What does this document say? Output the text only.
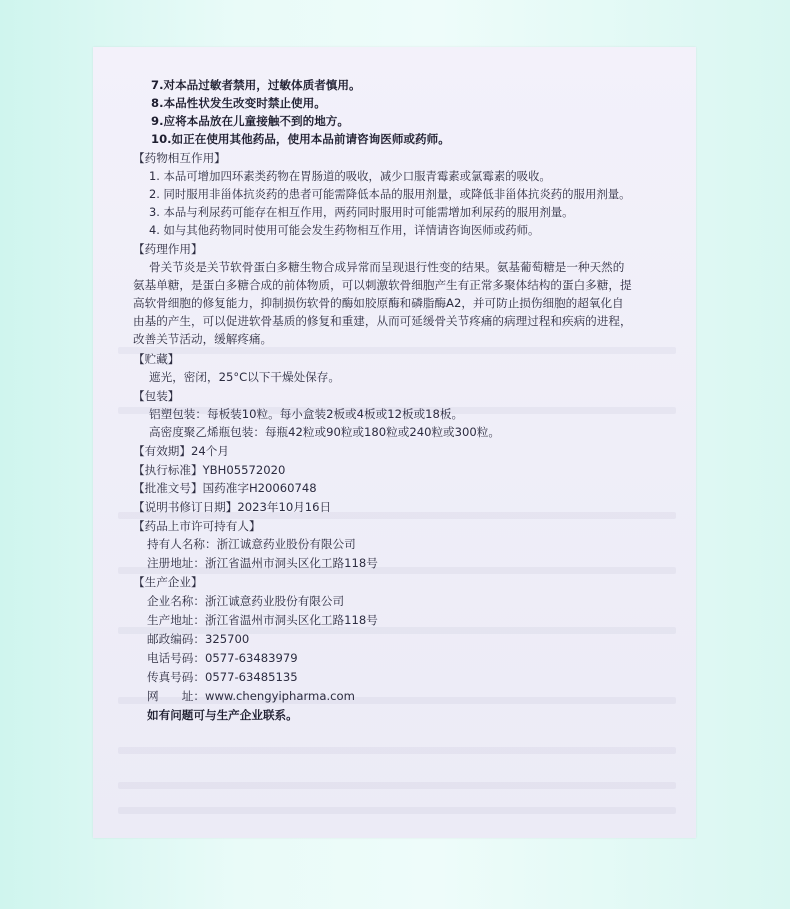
7.对本品过敏者禁用，过敏体质者慎用。
8.本品性状发生改变时禁止使用。
9.应将本品放在儿童接触不到的地方。
10.如正在使用其他药品，使用本品前请咨询医师或药师。
【药物相互作用】
1. 本品可增加四环素类药物在胃肠道的吸收，减少口服青霉素或氯霉素的吸收。
2. 同时服用非甾体抗炎药的患者可能需降低本品的服用剂量，或降低非甾体抗炎药的服用剂量。
3. 本品与利尿药可能存在相互作用，两药同时服用时可能需增加利尿药的服用剂量。
4. 如与其他药物同时使用可能会发生药物相互作用，详情请咨询医师或药师。
【药理作用】
骨关节炎是关节软骨蛋白多糖生物合成异常而呈现退行性变的结果。氨基葡萄糖是一种天然的
氨基单糖，是蛋白多糖合成的前体物质，可以刺激软骨细胞产生有正常多聚体结构的蛋白多糖，提
高软骨细胞的修复能力，抑制损伤软骨的酶如胶原酶和磷脂酶A2，并可防止损伤细胞的超氧化自
由基的产生，可以促进软骨基质的修复和重建，从而可延缓骨关节疼痛的病理过程和疾病的进程，
改善关节活动，缓解疼痛。
【贮藏】
遮光，密闭，25°C以下干燥处保存。
【包装】
铝塑包装：每板装10粒。每小盒装2板或4板或12板或18板。
高密度聚乙烯瓶包装：每瓶42粒或90粒或180粒或240粒或300粒。
【有效期】24个月
【执行标准】YBH05572020
【批准文号】国药准字H20060748
【说明书修订日期】2023年10月16日
【药品上市许可持有人】
持有人名称：浙江诚意药业股份有限公司
注册地址：浙江省温州市洞头区化工路118号
【生产企业】
企业名称：浙江诚意药业股份有限公司
生产地址：浙江省温州市洞头区化工路118号
邮政编码：325700
电话号码：0577-63483979
传真号码：0577-63485135
网　　址：www.chengyipharma.com
如有问题可与生产企业联系。
